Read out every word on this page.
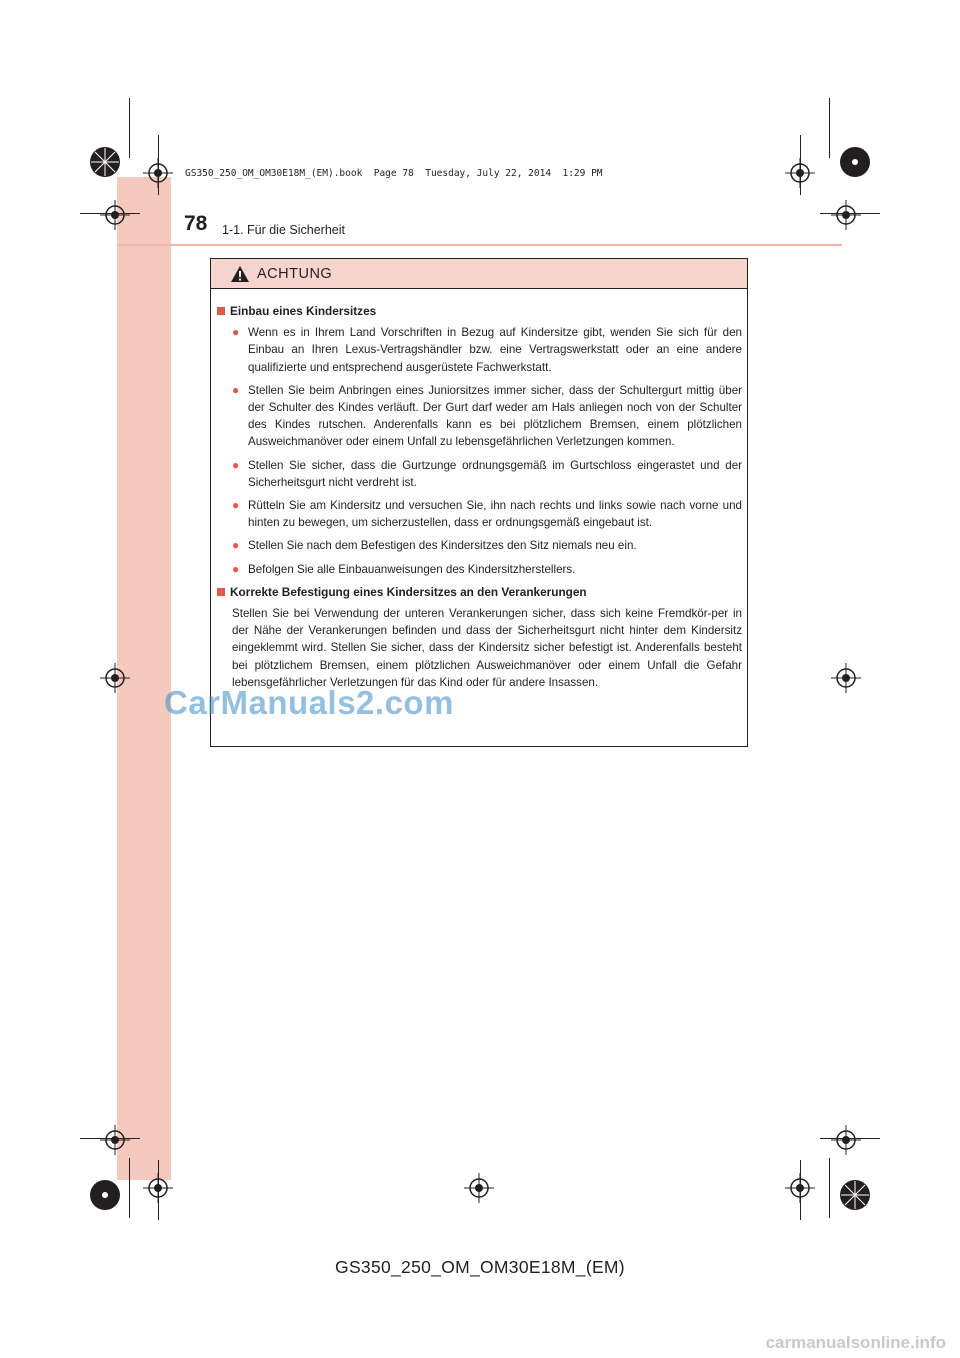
GS350_250_OM_OM30E18M_(EM).book  Page 78  Tuesday, July 22, 2014  1:29 PM
78 1-1. Für die Sicherheit
ACHTUNG
Einbau eines Kindersitzes
● Wenn es in Ihrem Land Vorschriften in Bezug auf Kindersitze gibt, wenden Sie sich für den Einbau an Ihren Lexus-Vertragshändler bzw. eine Vertragswerkstatt oder an eine andere qualifizierte und entsprechend ausgerüstete Fachwerkstatt.
● Stellen Sie beim Anbringen eines Juniorsitzes immer sicher, dass der Schultergurt mittig über der Schulter des Kindes verläuft. Der Gurt darf weder am Hals anliegen noch von der Schulter des Kindes rutschen. Anderenfalls kann es bei plötzlichem Bremsen, einem plötzlichen Ausweichmanöver oder einem Unfall zu lebensgefährlichen Verletzungen kommen.
● Stellen Sie sicher, dass die Gurtzunge ordnungsgemäß im Gurtschloss eingerastet und der Sicherheitsgurt nicht verdreht ist.
● Rütteln Sie am Kindersitz und versuchen Sie, ihn nach rechts und links sowie nach vorne und hinten zu bewegen, um sicherzustellen, dass er ordnungsgemäß eingebaut ist.
● Stellen Sie nach dem Befestigen des Kindersitzes den Sitz niemals neu ein.
● Befolgen Sie alle Einbauanweisungen des Kindersitzherstellers.
Korrekte Befestigung eines Kindersitzes an den Verankerungen
Stellen Sie bei Verwendung der unteren Verankerungen sicher, dass sich keine Fremdkör-per in der Nähe der Verankerungen befinden und dass der Sicherheitsgurt nicht hinter dem Kindersitz eingeklemmt wird. Stellen Sie sicher, dass der Kindersitz sicher befestigt ist. Anderenfalls besteht bei plötzlichem Bremsen, einem plötzlichen Ausweichmanöver oder einem Unfall die Gefahr lebensgefährlicher Verletzungen für das Kind oder für andere Insassen.
CarManuals2.com
GS350_250_OM_OM30E18M_(EM)
carmanualsonline.info
